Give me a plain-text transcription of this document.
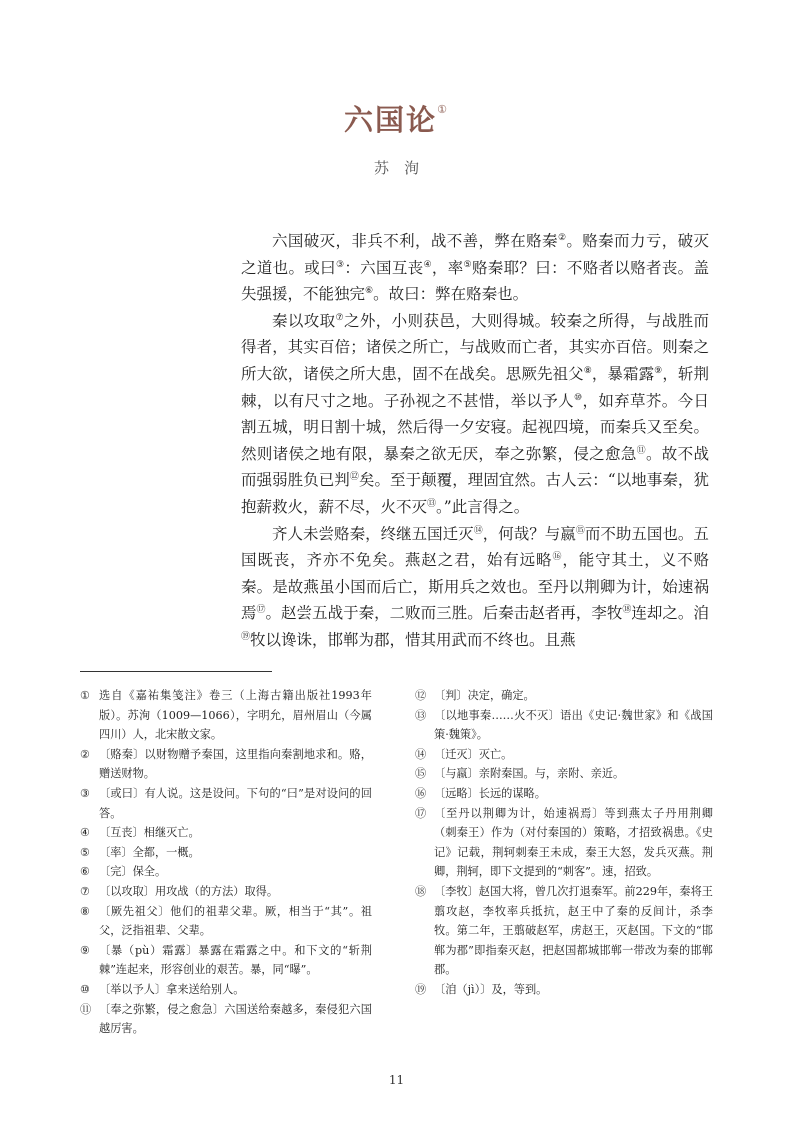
六国论①
苏　洵

六国破灭，非兵不利，战不善，弊在赂秦②。赂秦而力亏，破灭之道也。或曰③：六国互丧④，率⑤赂秦耶？曰：不赂者以赂者丧。盖失强援，不能独完⑥。故曰：弊在赂秦也。

秦以攻取⑦之外，小则获邑，大则得城。较秦之所得，与战胜而得者，其实百倍；诸侯之所亡，与战败而亡者，其实亦百倍。则秦之所大欲，诸侯之所大患，固不在战矣。思厥先祖父⑧，暴霜露⑨，斩荆棘，以有尺寸之地。子孙视之不甚惜，举以予人⑩，如弃草芥。今日割五城，明日割十城，然后得一夕安寝。起视四境，而秦兵又至矣。然则诸侯之地有限，暴秦之欲无厌，奉之弥繁，侵之愈急⑪。故不战而强弱胜负已判⑫矣。至于颠覆，理固宜然。古人云：“以地事秦，犹抱薪救火，薪不尽，火不灭⑬。”此言得之。

齐人未尝赂秦，终继五国迁灭⑭，何哉？与嬴⑮而不助五国也。五国既丧，齐亦不免矣。燕赵之君，始有远略⑯，能守其土，义不赂秦。是故燕虽小国而后亡，斯用兵之效也。至丹以荆卿为计，始速祸焉⑰。赵尝五战于秦，二败而三胜。后秦击赵者再，李牧⑱连却之。洎⑲牧以谗诛，邯郸为郡，惜其用武而不终也。且燕

① 选自《嘉祐集笺注》卷三（上海古籍出版社1993年版）。苏洵（1009—1066），字明允，眉州眉山（今属四川）人，北宋散文家。
② 〔赂秦〕以财物赠予秦国，这里指向秦割地求和。赂，赠送财物。
③ 〔或曰〕有人说。这是设问。下句的“曰”是对设问的回答。
④ 〔互丧〕相继灭亡。
⑤ 〔率〕全都，一概。
⑥ 〔完〕保全。
⑦ 〔以攻取〕用攻战（的方法）取得。
⑧ 〔厥先祖父〕他们的祖辈父辈。厥，相当于“其”。祖父，泛指祖辈、父辈。
⑨ 〔暴（pù）霜露〕暴露在霜露之中。和下文的“斩荆棘”连起来，形容创业的艰苦。暴，同“曝”。
⑩ 〔举以予人〕拿来送给别人。
⑪ 〔奉之弥繁，侵之愈急〕六国送给秦越多，秦侵犯六国越厉害。
⑫ 〔判〕决定，确定。
⑬ 〔以地事秦……火不灭〕语出《史记·魏世家》和《战国策·魏策》。
⑭ 〔迁灭〕灭亡。
⑮ 〔与嬴〕亲附秦国。与，亲附、亲近。
⑯ 〔远略〕长远的谋略。
⑰ 〔至丹以荆卿为计，始速祸焉〕等到燕太子丹用荆卿（刺秦王）作为（对付秦国的）策略，才招致祸患。《史记》记载，荆轲刺秦王未成，秦王大怒，发兵灭燕。荆卿，荆轲，即下文提到的“刺客”。速，招致。
⑱ 〔李牧〕赵国大将，曾几次打退秦军。前229年，秦将王翦攻赵，李牧率兵抵抗，赵王中了秦的反间计，杀李牧。第二年，王翦破赵军，虏赵王，灭赵国。下文的“邯郸为郡”即指秦灭赵，把赵国都城邯郸一带改为秦的邯郸郡。
⑲ 〔洎（jì）〕及，等到。
11
